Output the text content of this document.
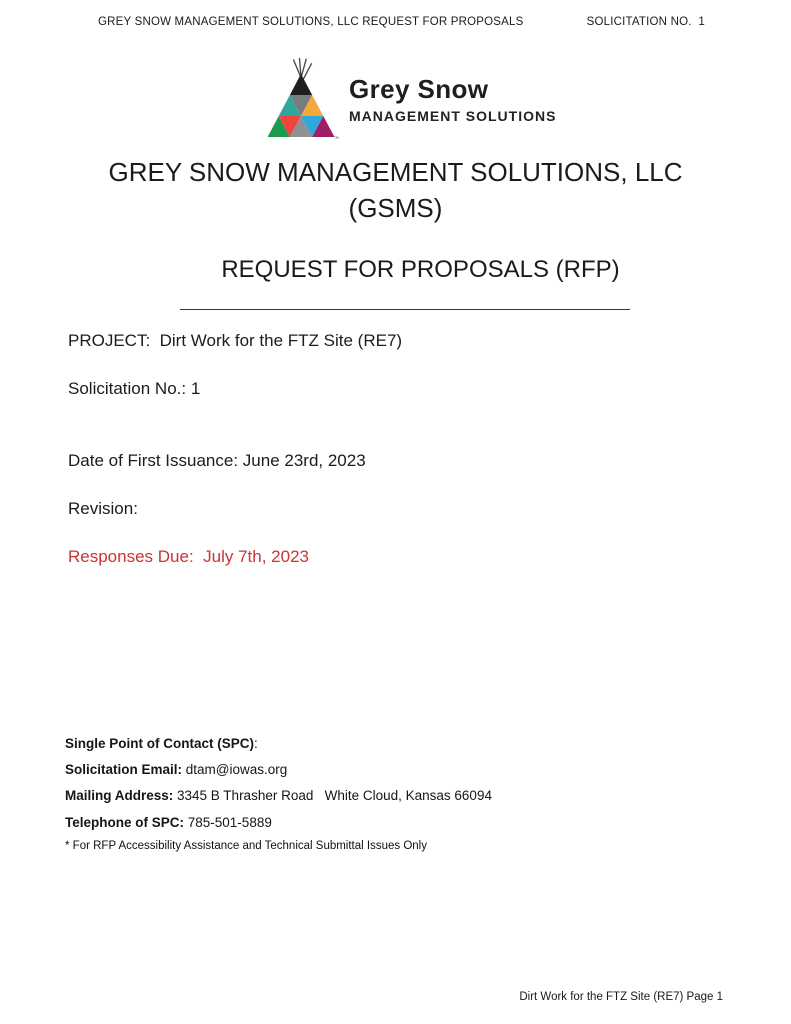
GREY SNOW MANAGEMENT SOLUTIONS, LLC REQUEST FOR PROPOSALS	SOLICITATION NO.  1
™
Grey Snow
MANAGEMENT SOLUTIONS
GREY SNOW MANAGEMENT SOLUTIONS, LLC
(GSMS)
REQUEST FOR PROPOSALS (RFP)
PROJECT:  Dirt Work for the FTZ Site (RE7)
Solicitation No.: 1
Date of First Issuance: June 23rd, 2023
Revision:
Responses Due:  July 7th, 2023

Single Point of Contact (SPC):

Solicitation Email: dtam@iowas.org

Mailing Address: 3345 B Thrasher Road   White Cloud, Kansas 66094

Telephone of SPC: 785-501-5889

* For RFP Accessibility Assistance and Technical Submittal Issues Only
Dirt Work for the FTZ Site (RE7) Page 1
